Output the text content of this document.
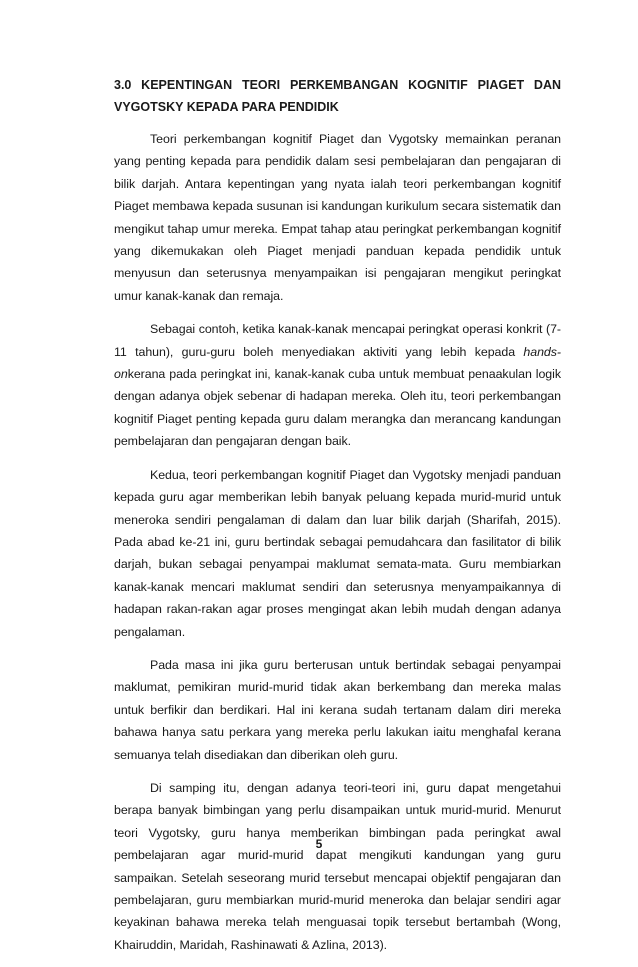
3.0 KEPENTINGAN TEORI PERKEMBANGAN KOGNITIF PIAGET DAN
VYGOTSKY KEPADA PARA PENDIDIK

Teori perkembangan kognitif Piaget dan Vygotsky memainkan peranan yang penting kepada para pendidik dalam sesi pembelajaran dan pengajaran di bilik darjah. Antara kepentingan yang nyata ialah teori perkembangan kognitif Piaget membawa kepada susunan isi kandungan kurikulum secara sistematik dan mengikut tahap umur mereka. Empat tahap atau peringkat perkembangan kognitif yang dikemukakan oleh Piaget menjadi panduan kepada pendidik untuk menyusun dan seterusnya menyampaikan isi pengajaran mengikut peringkat umur kanak-kanak dan remaja.

Sebagai contoh, ketika kanak-kanak mencapai peringkat operasi konkrit (7-11 tahun), guru-guru boleh menyediakan aktiviti yang lebih kepada hands-onkerana pada peringkat ini, kanak-kanak cuba untuk membuat penaakulan logik dengan adanya objek sebenar di hadapan mereka. Oleh itu, teori perkembangan kognitif Piaget penting kepada guru dalam merangka dan merancang kandungan pembelajaran dan pengajaran dengan baik.

Kedua, teori perkembangan kognitif Piaget dan Vygotsky menjadi panduan kepada guru agar memberikan lebih banyak peluang kepada murid-murid untuk meneroka sendiri pengalaman di dalam dan luar bilik darjah (Sharifah, 2015). Pada abad ke-21 ini, guru bertindak sebagai pemudahcara dan fasilitator di bilik darjah, bukan sebagai penyampai maklumat semata-mata. Guru membiarkan kanak-kanak mencari maklumat sendiri dan seterusnya menyampaikannya di hadapan rakan-rakan agar proses mengingat akan lebih mudah dengan adanya pengalaman.

Pada masa ini jika guru berterusan untuk bertindak sebagai penyampai maklumat, pemikiran murid-murid tidak akan berkembang dan mereka malas untuk berfikir dan berdikari. Hal ini kerana sudah tertanam dalam diri mereka bahawa hanya satu perkara yang mereka perlu lakukan iaitu menghafal kerana semuanya telah disediakan dan diberikan oleh guru.

Di samping itu, dengan adanya teori-teori ini, guru dapat mengetahui berapa banyak bimbingan yang perlu disampaikan untuk murid-murid. Menurut teori Vygotsky, guru hanya memberikan bimbingan pada peringkat awal pembelajaran agar murid-murid dapat mengikuti kandungan yang guru sampaikan. Setelah seseorang murid tersebut mencapai objektif pengajaran dan pembelajaran, guru membiarkan murid-murid meneroka dan belajar sendiri agar keyakinan bahawa mereka telah menguasai topik tersebut bertambah (Wong, Khairuddin, Maridah, Rashinawati & Azlina, 2013).

5
